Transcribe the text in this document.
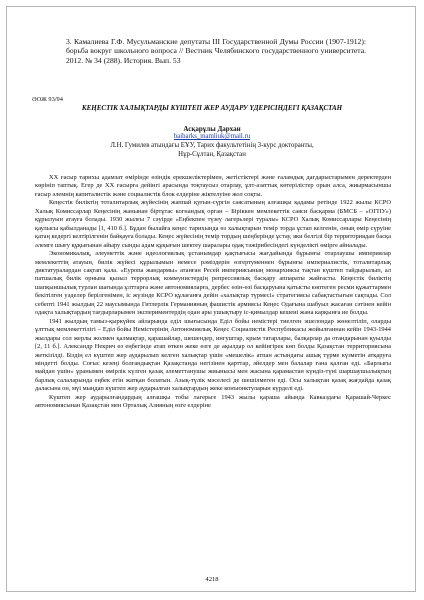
3. Камалиева Г.Ф. Мусульманские депутаты III Государственной Думы России (1907-1912): борьба вокруг школьного вопроса // Вестник Челябинского государственного университета. 2012. № 34 (288). История. Вып. 53
ӘОЖ 93/94
КЕҢЕСТІК ХАЛЫҚТАРДЫ КҮШТЕП ЖЕР АУДАРУ ҮДЕРІСІНДЕГІ ҚАЗАҚСТАН
Асқарұлы Дархан
baibarks_mamliuk@mail.ru
Л.Н. Гумилев атындағы ЕҰУ, Тарих факультетінің 3-курс докторанты,
Нұр-Сұлтан, Қазақстан

ХХ ғасыр тарихы адамзат өмірінде өзіндік ерекшеліктерімен, жетістіктері және ғаламдық дағдарыстарымен деректерден көрініп таптық. Егер де ХХ ғасырға дейінгі арасында тоқтаусыз отарлау, ұлт-азаттық көтерілістер орын алса, жиырмасыншы ғасыр әлемнің капиталистік және социалистік блок елдеріне жіктелуіне жол соқты.

Кеңестік биліктің тоталитарлық жүйесінің жаппай қуғын-сүргін саясатының алғашқы қадамы ретінде 1922 жылы КСРО Халық Комиссарлар Кеңесінің жанынан біртұтас когнандық орган – Біріккен мемлекеттік саяси басқарма (БМСБ – «ОГПУ») құрылуын атауға болады. 1930 жылғы 7 сәуірде «Еңбекпен түзеу лагерьлері туралы» КСРО Халық Комиссарлары Кеңесінің қаулысы қабылданады [1, 410 б.]. Бұдан былайға кеңес тарихында өз халықтарын темір торда ұстап келгенін, оның өмір сүруіне қатаң кедергі келтірілгенін байқауға болады. Кеңес жүйесінің темір тордың шеңберінде ұстау, яки белгілі бір территориядан басқа әлемге шығу құқығынан айыру сынды адам құқығын шектеу шаралары одақ тәжірибесіндегі күнделікті өмірге айналады.

Экономикалық, әлеуметтік және идеологиялық ұстанымдар қақтығысы жағдайында бұрынғы отарлаушы империялар мемлекеттің атауын, билік жүйесі құрылымын немесе рәміздерін өзгертуменнен бұрынғы империалистік, тоталитарлық диктатуралардан сақтап қала. «Еуропа жандармы» атанған Ресей империясының монархиясы тақтан күштеп тайдырылып, ал патшалық билік орнына қызыл террорлық коммунистердің репрессиялық басқару аппараты жайғасты. Кеңестік биліктің шапқыншылық турлан шағында ұлттарға және автономияларға, дербес өзін-өзі басқаруына қатысты көптеген ресми құжаттармен бекітілген уәделер берілгенімен, іс жүзінде КСРО құлағанға дейін «халықтар түрмесі» стратегиясы сабақтастығын сақтады. Сол себепті 1941 жылдың 22 маусымында Гитлерлік Германияның фашистік армиясы Кеңес Одағына шабуыл жасаған сәтінен кейін одақта халықтардың тағдырларымен экспериментердің одан ары ушықтыру іс-қимылдар кешеиі жана карқынға ие болды.

1941 жылдың тамыз-қыркүйек айларында еділ шығысында Еділ бойы немістері тиелген эшелондар жөнелтіліп, оларды ұлттық мемлекеттілігі – Еділ бойы Немістерінің Автономиялық Кеңес Социалистік Республикасы жойылғаннан кейін 1943-1944 жылдары сол жерлы жолмен қалмақтар, қарашайлар, шешендер, ингуштар, крым татарлары, балқарлар да отандарынан қуылды [2, 11 б.]. Александр Некрич өз еңбегінде атап өткен жеке өзге де ақылдар ол кейінгірек көп болды Қазақстан территориясына жеткізілді. Біздің ел күштеп жер аударылып келген халықтар үшін «мешелік» атпан астындағы ашық түрме күзметін атқаруға міндетті болды. Соғыс кезеңі болғандықтан Қазақстанда негізінен қарттар, әйелдер мен балалар ғана қалған еді. «Барлығы майдан үшін» ұранымен өмірлік күлген қазақ әлеметтанушы жиынысы мен жасына қарамастан күндіз-түні шаршаушылықтың барлық салаларында еңбек етін жатқан болатын. Азық-түлік мәселесі де шешілмеген еді. Осы халықтан қазақ жағдайда қазақ даласына он, мүі мыңдап күштеп жер аударылған халықтардың жеке конъюнктуларын күрделі еді.

Күштеп жер аударылғандардың алғашқы тобы лагерьге 1943 жылы қараша айында Кавказдағы Қарашай-Черкес автономиясынан Қазақстан мен Орталық Азияның өзге елдеріне

4218
